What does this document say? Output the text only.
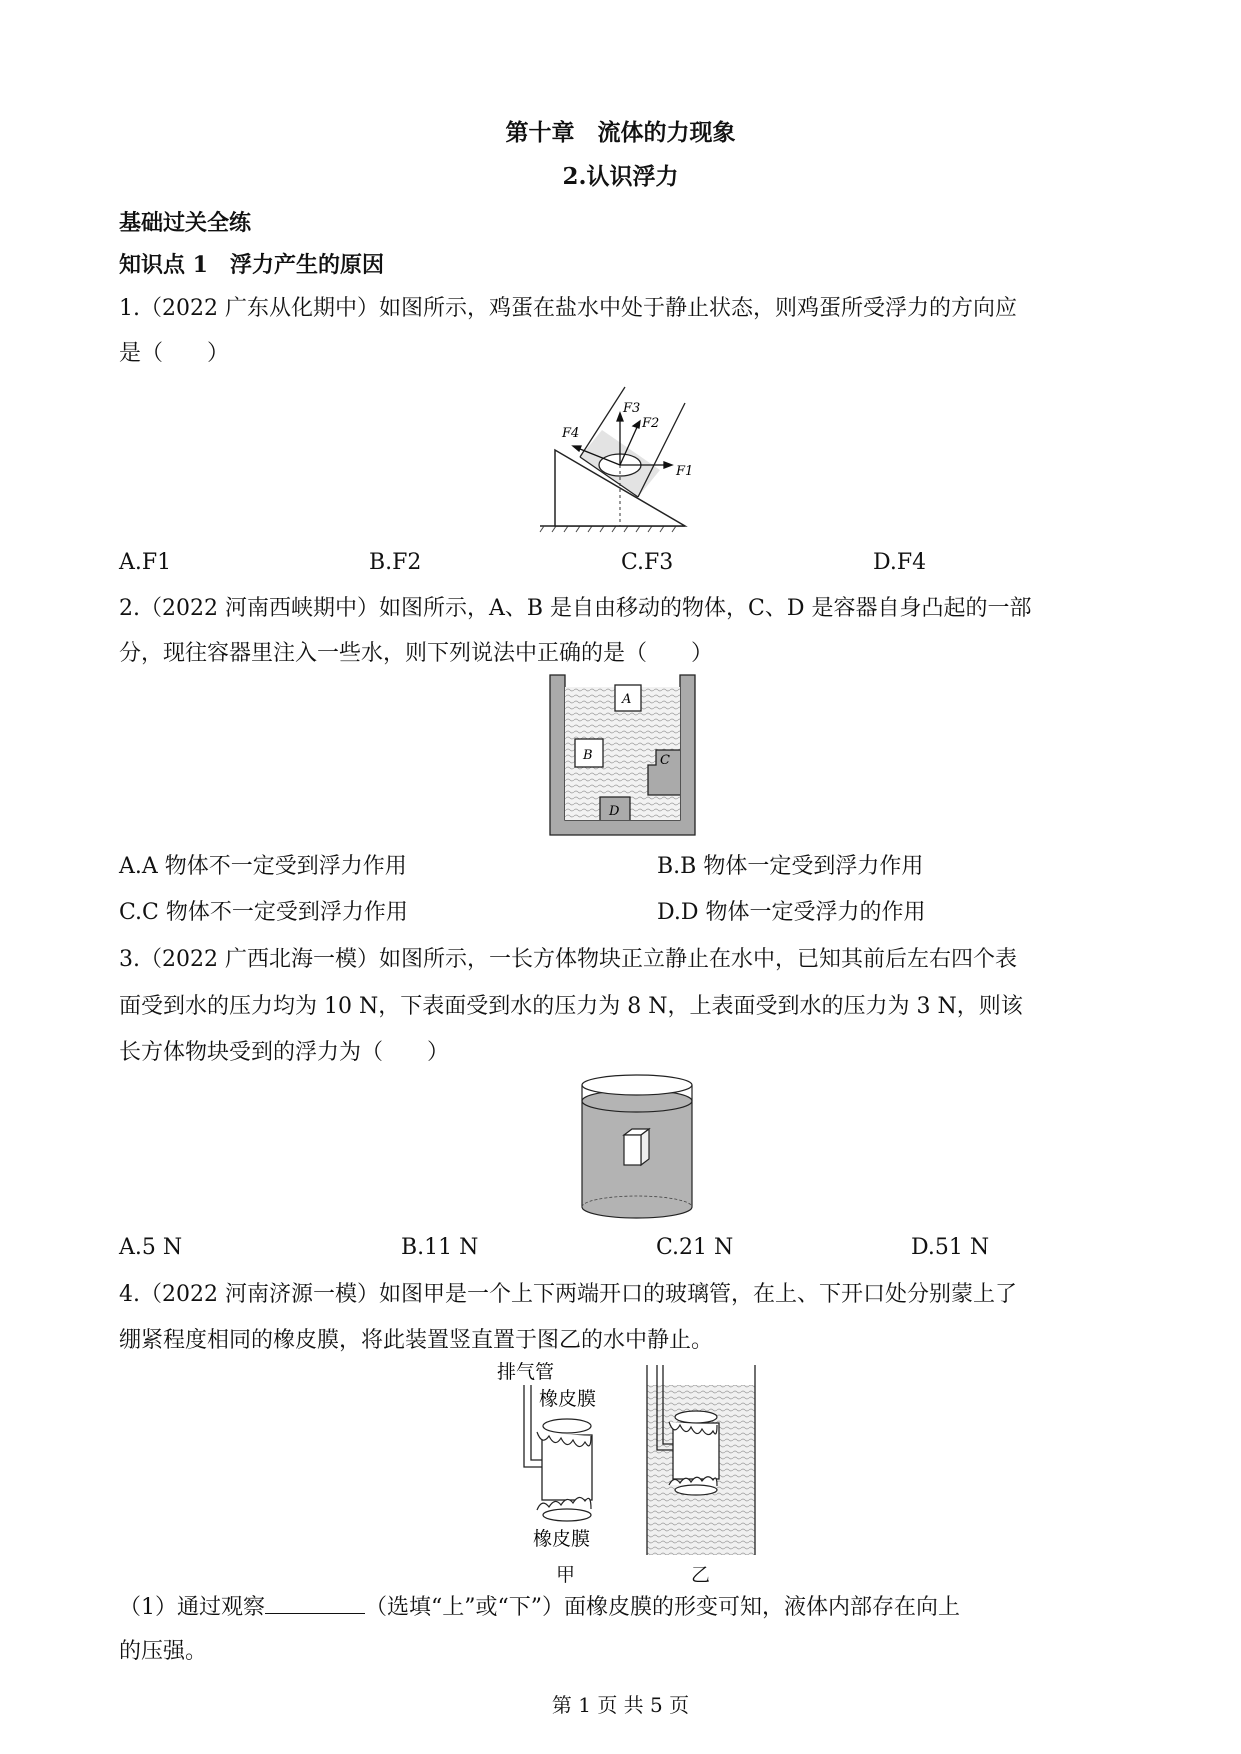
第十章　流体的力现象
2.认识浮力
基础过关全练
知识点 1　浮力产生的原因
1.（2022 广东从化期中）如图所示，鸡蛋在盐水中处于静止状态，则鸡蛋所受浮力的方向应
是（　　）
F4
F3
F2
F1
A.F1	B.F2	C.F3	D.F4
2.（2022 河南西峡期中）如图所示，A、B 是自由移动的物体，C、D 是容器自身凸起的一部
分，现往容器里注入一些水，则下列说法中正确的是（　　）
A
B	C
D
A.A 物体不一定受到浮力作用	B.B 物体一定受到浮力作用
C.C 物体不一定受到浮力作用	D.D 物体一定受浮力的作用
3.（2022 广西北海一模）如图所示，一长方体物块正立静止在水中，已知其前后左右四个表
面受到水的压力均为 10 N，下表面受到水的压力为 8 N，上表面受到水的压力为 3 N，则该
长方体物块受到的浮力为（　　）
A.5 N	B.11 N	C.21 N	D.51 N
4.（2022 河南济源一模）如图甲是一个上下两端开口的玻璃管，在上、下开口处分别蒙上了
绷紧程度相同的橡皮膜，将此装置竖直置于图乙的水中静止。
排气管
橡皮膜
橡皮膜
甲	乙
（1）通过观察	（选填“上”或“下”）面橡皮膜的形变可知，液体内部存在向上
的压强。
第 1 页 共 5 页
